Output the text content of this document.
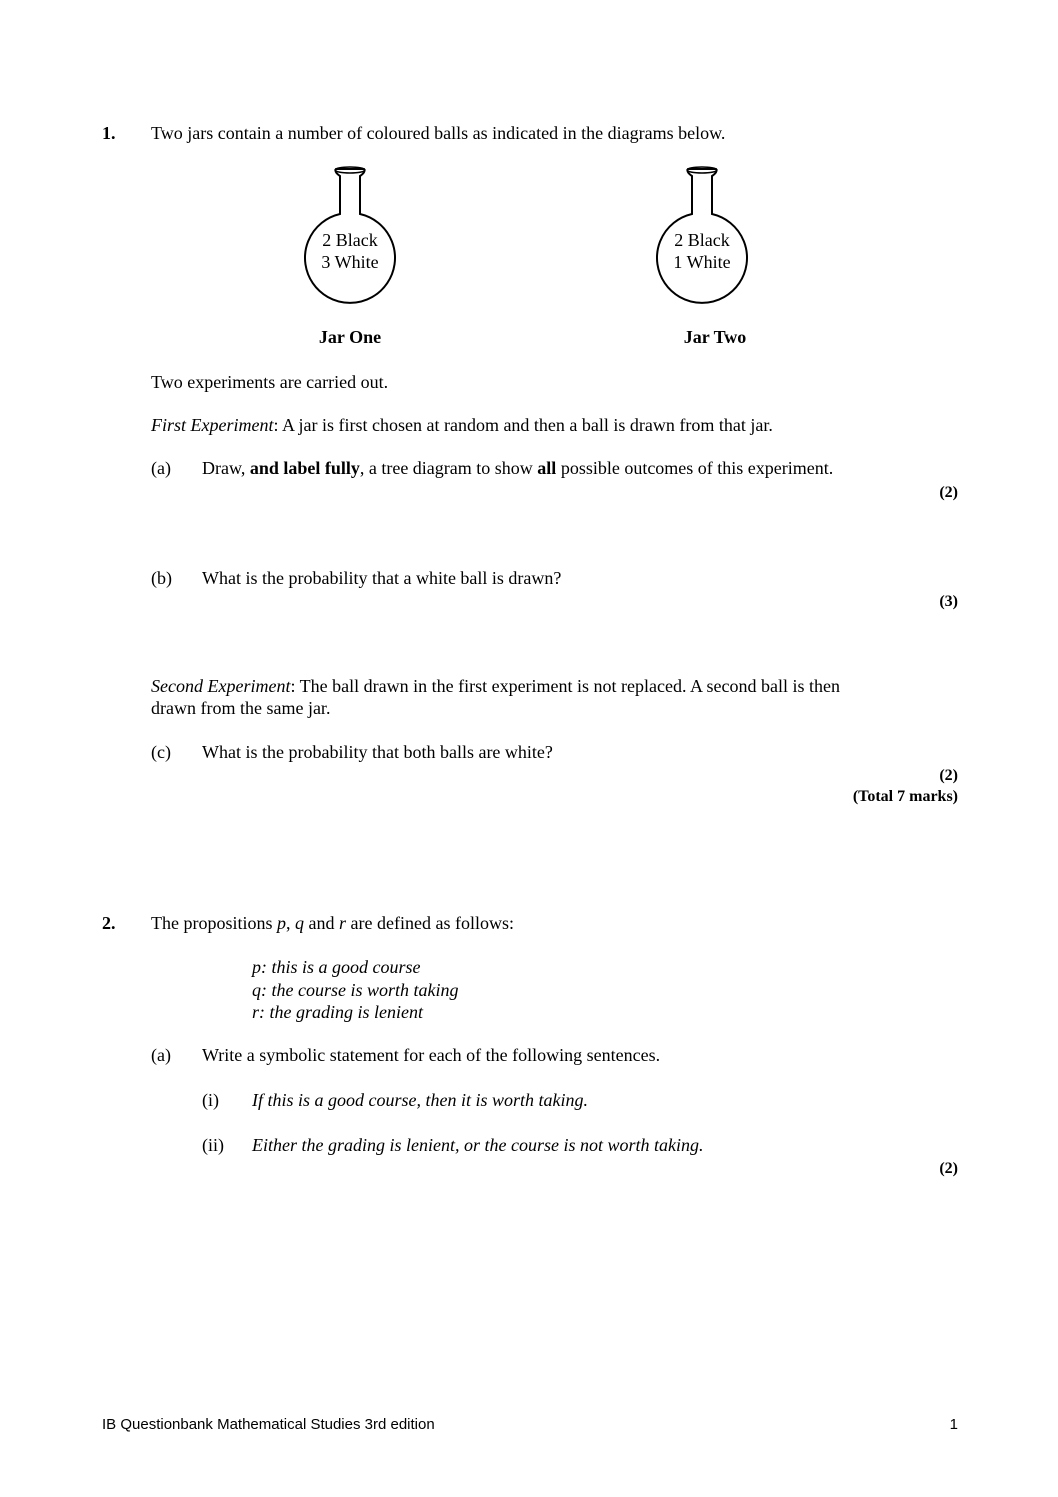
1. Two jars contain a number of coloured balls as indicated in the diagrams below.
2 Black
3 White
Jar One
2 Black
1 White
Jar Two
Two experiments are carried out.
First Experiment: A jar is first chosen at random and then a ball is drawn from that jar.
(a) Draw, and label fully, a tree diagram to show all possible outcomes of this experiment.
(2)
(b) What is the probability that a white ball is drawn?
(3)
Second Experiment: The ball drawn in the first experiment is not replaced. A second ball is then
drawn from the same jar.
(c) What is the probability that both balls are white?
(2)
(Total 7 marks)
2. The propositions p, q and r are defined as follows:
p: this is a good course
q: the course is worth taking
r: the grading is lenient
(a) Write a symbolic statement for each of the following sentences.
(i) If this is a good course, then it is worth taking.
(ii) Either the grading is lenient, or the course is not worth taking.
(2)
IB Questionbank Mathematical Studies 3rd edition	1
